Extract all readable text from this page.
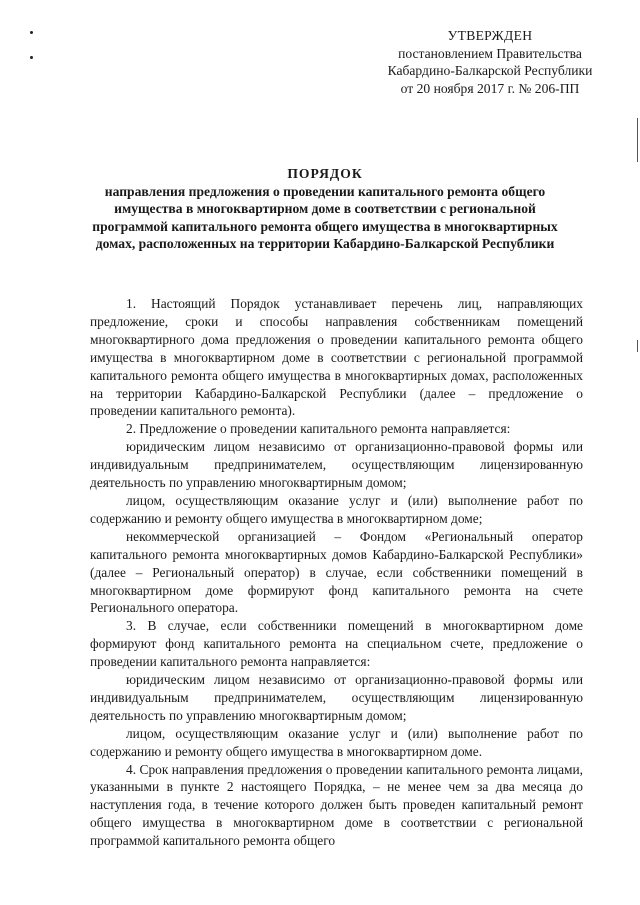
УТВЕРЖДЕН
постановлением Правительства
Кабардино-Балкарской Республики
от 20 ноября 2017 г. № 206-ПП
ПОРЯДОК
направления предложения о проведении капитального ремонта общего имущества в многоквартирном доме в соответствии с региональной программой капитального ремонта общего имущества в многоквартирных домах, расположенных на территории Кабардино-Балкарской Республики

1. Настоящий Порядок устанавливает перечень лиц, направляющих предложение, сроки и способы направления собственникам помещений многоквартирного дома предложения о проведении капитального ремонта общего имущества в многоквартирном доме в соответствии с региональной программой капитального ремонта общего имущества в многоквартирных домах, расположенных на территории Кабардино-Балкарской Республики (далее – предложение о проведении капитального ремонта).

2. Предложение о проведении капитального ремонта направляется:

юридическим лицом независимо от организационно-правовой формы или индивидуальным предпринимателем, осуществляющим лицензированную деятельность по управлению многоквартирным домом;

лицом, осуществляющим оказание услуг и (или) выполнение работ по содержанию и ремонту общего имущества в многоквартирном доме;

некоммерческой организацией – Фондом «Региональный оператор капитального ремонта многоквартирных домов Кабардино-Балкарской Республики» (далее – Региональный оператор) в случае, если собственники помещений в многоквартирном доме формируют фонд капитального ремонта на счете Регионального оператора.

3. В случае, если собственники помещений в многоквартирном доме формируют фонд капитального ремонта на специальном счете, предложение о проведении капитального ремонта направляется:

юридическим лицом независимо от организационно-правовой формы или индивидуальным предпринимателем, осуществляющим лицензированную деятельность по управлению многоквартирным домом;

лицом, осуществляющим оказание услуг и (или) выполнение работ по содержанию и ремонту общего имущества в многоквартирном доме.

4. Срок направления предложения о проведении капитального ремонта лицами, указанными в пункте 2 настоящего Порядка, – не менее чем за два месяца до наступления года, в течение которого должен быть проведен капитальный ремонт общего имущества в многоквартирном доме в соответствии с региональной программой капитального ремонта общего
